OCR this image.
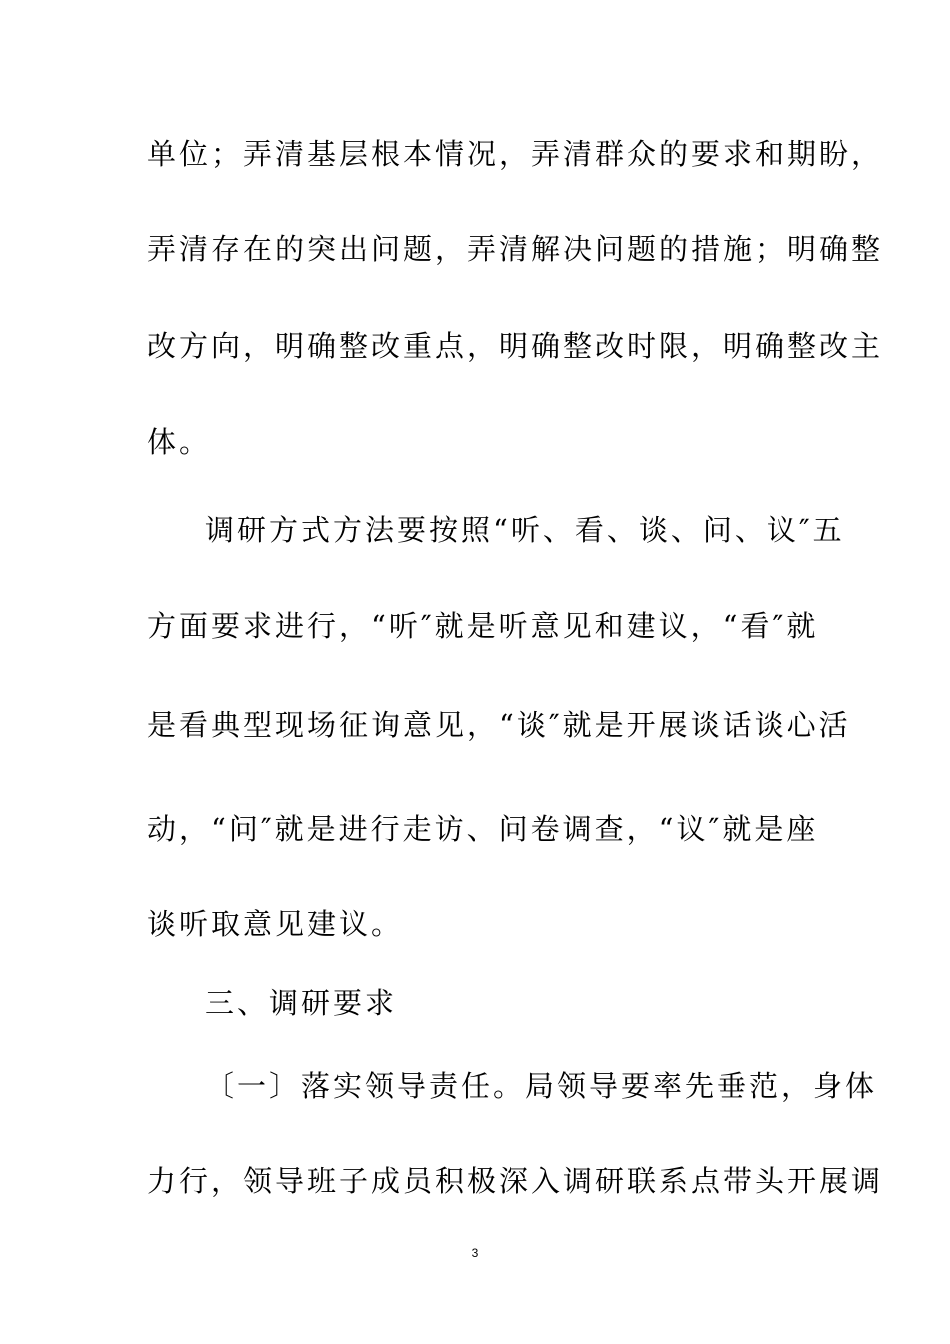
单位；弄清基层根本情况，弄清群众的要求和期盼，
弄清存在的突出问题，弄清解决问题的措施；明确整
改方向，明确整改重点，明确整改时限，明确整改主
体。
调研方式方法要按照“听、看、谈、问、议″五
方面要求进行，“听″就是听意见和建议，“看″就
是看典型现场征询意见，“谈″就是开展谈话谈心活
动，“问″就是进行走访、问卷调查，“议″就是座
谈听取意见建议。
三、调研要求
〔一〕落实领导责任。局领导要率先垂范，身体
力行，领导班子成员积极深入调研联系点带头开展调
3
